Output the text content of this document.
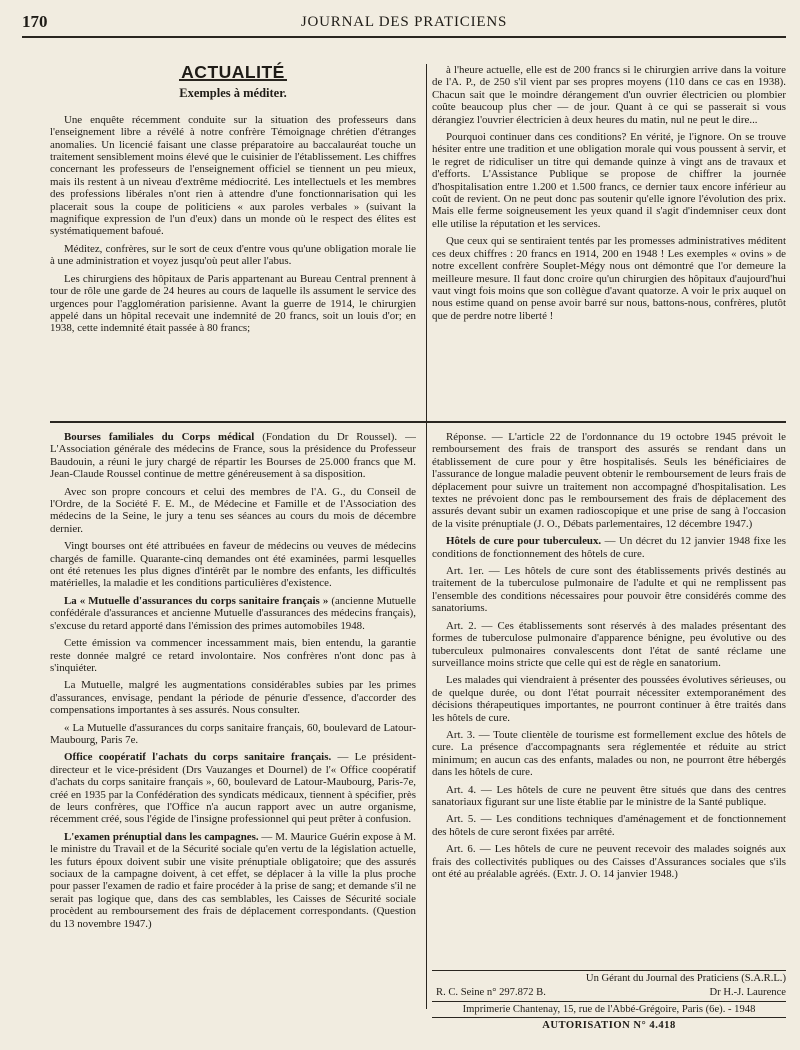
170	JOURNAL DES PRATICIENS
ACTUALITÉ
Exemples à méditer.

Une enquête récemment conduite sur la situation des professeurs dans l'enseignement libre a révélé à notre confrère Témoignage chrétien d'étranges anomalies. Un licencié faisant une classe préparatoire au baccalauréat touche un traitement sensiblement moins élevé que le cuisinier de l'établissement. Les chiffres concernant les professeurs de l'enseignement officiel se tiennent un peu mieux, mais ils restent à un niveau d'extrême médiocrité. Les intellectuels et les membres des professions libérales n'ont rien à attendre d'une fonctionnarisation qui les placerait sous la coupe de politiciens « aux paroles verbales » (suivant la magnifique expression de l'un d'eux) dans un monde où le respect des élites est systématiquement bafoué.

Méditez, confrères, sur le sort de ceux d'entre vous qu'une obligation morale lie à une administration et voyez jusqu'où peut aller l'abus.

Les chirurgiens des hôpitaux de Paris appartenant au Bureau Central prennent à tour de rôle une garde de 24 heures au cours de laquelle ils assument le service des urgences pour l'agglomération parisienne. Avant la guerre de 1914, le chirurgien appelé dans un hôpital recevait une indemnité de 20 francs, soit un louis d'or; en 1938, cette indemnité était passée à 80 francs;

à l'heure actuelle, elle est de 200 francs si le chirurgien arrive dans la voiture de l'A. P., de 250 s'il vient par ses propres moyens (110 dans ce cas en 1938). Chacun sait que le moindre dérangement d'un ouvrier électricien ou plombier coûte beaucoup plus cher — de jour. Quant à ce qui se passerait si vous dérangiez l'ouvrier électricien à deux heures du matin, nul ne peut le dire...

Pourquoi continuer dans ces conditions? En vérité, je l'ignore. On se trouve hésiter entre une tradition et une obligation morale qui vous poussent à servir, et le regret de ridiculiser un titre qui demande quinze à vingt ans de travaux et d'efforts. L'Assistance Publique se propose de chiffrer la journée d'hospitalisation entre 1.200 et 1.500 francs, ce dernier taux encore inférieur au coût de revient. On ne peut donc pas soutenir qu'elle ignore l'évolution des prix. Mais elle ferme soigneusement les yeux quand il s'agit d'indemniser ceux dont elle utilise la réputation et les services.

Que ceux qui se sentiraient tentés par les promesses administratives méditent ces deux chiffres : 20 francs en 1914, 200 en 1948 ! Les exemples « ovins » de notre excellent confrère Souplet-Mégy nous ont démontré que l'or demeure la meilleure mesure. Il faut donc croire qu'un chirurgien des hôpitaux d'aujourd'hui vaut vingt fois moins que son collègue d'avant quatorze. A voir le prix auquel on nous estime quand on pense avoir barré sur nous, battons-nous, confrères, plutôt que de perdre notre liberté !

Bourses familiales du Corps médical (Fondation du Dr Roussel). — L'Association générale des médecins de France, sous la présidence du Professeur Baudouin, a réuni le jury chargé de répartir les Bourses de 25.000 francs que M. Jean-Claude Roussel continue de mettre généreusement à sa disposition.

Avec son propre concours et celui des membres de l'A. G., du Conseil de l'Ordre, de la Société F. E. M., de Médecine et Famille et de l'Association des médecins de la Seine, le jury a tenu ses séances au cours du mois de décembre dernier.

Vingt bourses ont été attribuées en faveur de médecins ou veuves de médecins chargés de famille. Quarante-cinq demandes ont été examinées, parmi lesquelles ont été retenues les plus dignes d'intérêt par le nombre des enfants, les difficultés matérielles, la maladie et les conditions particulières d'existence.

La « Mutuelle d'assurances du corps sanitaire français » (ancienne Mutuelle confédérale d'assurances et ancienne Mutuelle d'assurances des médecins français), s'excuse du retard apporté dans l'émission des primes automobiles 1948.

Cette émission va commencer incessamment mais, bien entendu, la garantie reste donnée malgré ce retard involontaire. Nos confrères n'ont donc pas à s'inquiéter.

La Mutuelle, malgré les augmentations considérables subies par les primes d'assurances, envisage, pendant la période de pénurie d'essence, d'accorder des compensations importantes à ses assurés. Nous consulter.

« La Mutuelle d'assurances du corps sanitaire français, 60, boulevard de Latour-Maubourg, Paris 7e.

Office coopératif l'achats du corps sanitaire français. — Le président-directeur et le vice-président (Drs Vauzanges et Dournel) de l'« Office coopératif d'achats du corps sanitaire français », 60, boulevard de Latour-Maubourg, Paris-7e, créé en 1935 par la Confédération des syndicats médicaux, tiennent à spécifier, près de leurs confrères, que l'Office n'a aucun rapport avec un autre organisme, récemment créé, sous l'égide de l'insigne professionnel qui peut prêter à confusion.

L'examen prénuptial dans les campagnes. — M. Maurice Guérin expose à M. le ministre du Travail et de la Sécurité sociale qu'en vertu de la législation actuelle, les futurs époux doivent subir une visite prénuptiale obligatoire; que des assurés sociaux de la campagne doivent, à cet effet, se déplacer à la ville la plus proche pour passer l'examen de radio et faire procéder à la prise de sang; et demande s'il ne serait pas logique que, dans des cas semblables, les Caisses de Sécurité sociale procèdent au remboursement des frais de déplacement correspondants. (Question du 13 novembre 1947.)

Réponse. — L'article 22 de l'ordonnance du 19 octobre 1945 prévoit le remboursement des frais de transport des assurés se rendant dans un établissement de cure pour y être hospitalisés. Seuls les bénéficiaires de l'assurance de longue maladie peuvent obtenir le remboursement de leurs frais de déplacement pour suivre un traitement non accompagné d'hospitalisation. Les textes ne prévoient donc pas le remboursement des frais de déplacement des assurés devant subir un examen radioscopique et une prise de sang à l'occasion de la visite prénuptiale (J. O., Débats parlementaires, 12 décembre 1947.)

Hôtels de cure pour tuberculeux. — Un décret du 12 janvier 1948 fixe les conditions de fonctionnement des hôtels de cure.

Art. 1er. — Les hôtels de cure sont des établissements privés destinés au traitement de la tuberculose pulmonaire de l'adulte et qui ne remplissent pas l'ensemble des conditions nécessaires pour pouvoir être considérés comme des sanatoriums.

Art. 2. — Ces établissements sont réservés à des malades présentant des formes de tuberculose pulmonaire d'apparence bénigne, peu évolutive ou des tuberculeux pulmonaires convalescents dont l'état de santé réclame une surveillance moins stricte que celle qui est de règle en sanatorium.

Les malades qui viendraient à présenter des poussées évolutives sérieuses, ou de quelque durée, ou dont l'état pourrait nécessiter extemporanément des décisions thérapeutiques importantes, ne pourront continuer à être traités dans les hôtels de cure.

Art. 3. — Toute clientèle de tourisme est formellement exclue des hôtels de cure. La présence d'accompagnants sera réglementée et réduite au strict minimum; en aucun cas des enfants, malades ou non, ne pourront être hébergés dans les hôtels de cure.

Art. 4. — Les hôtels de cure ne peuvent être situés que dans des centres sanatoriaux figurant sur une liste établie par le ministre de la Santé publique.

Art. 5. — Les conditions techniques d'aménagement et de fonctionnement des hôtels de cure seront fixées par arrêté.

Art. 6. — Les hôtels de cure ne peuvent recevoir des malades soignés aux frais des collectivités publiques ou des Caisses d'Assurances sociales que s'ils ont été au préalable agréés. (Extr. J. O. 14 janvier 1948.)

Un Gérant du Journal des Praticiens (S.A.R.L.)
R. C. Seine n° 297.872 B.	Dr H.-J. Laurence
Imprimerie Chantenay, 15, rue de l'Abbé-Grégoire, Paris (6e). - 1948
AUTORISATION N° 4.418
